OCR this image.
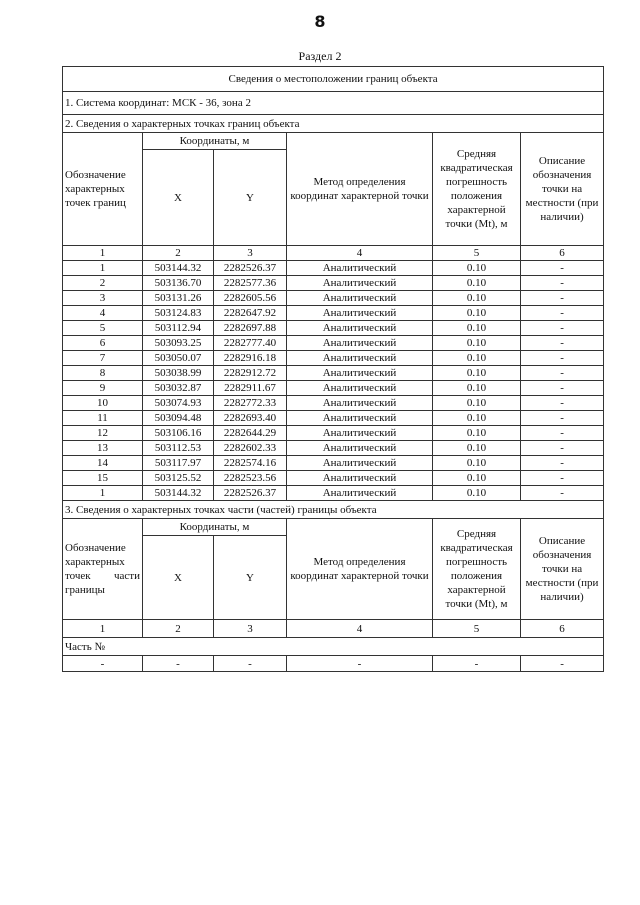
8
Раздел 2
Сведения о местоположении границ объекта					
1. Система координат: МСК - 36, зона 2					
2. Сведения о характерных точках границ объекта					
Обозначение характерных точек границ	Координаты, м		Метод определения координат характерной точки	Средняя квадратическая погрешность положения характерной точки (Mt), м	Описание обозначения точки на местности (при наличии)
	X	Y			
1	2	3	4	5	6
1	503144.32	2282526.37	Аналитический	0.10	-
2	503136.70	2282577.36	Аналитический	0.10	-
3	503131.26	2282605.56	Аналитический	0.10	-
4	503124.83	2282647.92	Аналитический	0.10	-
5	503112.94	2282697.88	Аналитический	0.10	-
6	503093.25	2282777.40	Аналитический	0.10	-
7	503050.07	2282916.18	Аналитический	0.10	-
8	503038.99	2282912.72	Аналитический	0.10	-
9	503032.87	2282911.67	Аналитический	0.10	-
10	503074.93	2282772.33	Аналитический	0.10	-
11	503094.48	2282693.40	Аналитический	0.10	-
12	503106.16	2282644.29	Аналитический	0.10	-
13	503112.53	2282602.33	Аналитический	0.10	-
14	503117.97	2282574.16	Аналитический	0.10	-
15	503125.52	2282523.56	Аналитический	0.10	-
1	503144.32	2282526.37	Аналитический	0.10	-
3. Сведения о характерных точках части (частей) границы объекта					
Обозначение характерных точек части границы	Координаты, м		Метод определения координат характерной точки	Средняя квадратическая погрешность положения характерной точки (Mt), м	Описание обозначения точки на местности (при наличии)
	X	Y			
1	2	3	4	5	6
Часть №					
-	-	-	-	-	-
